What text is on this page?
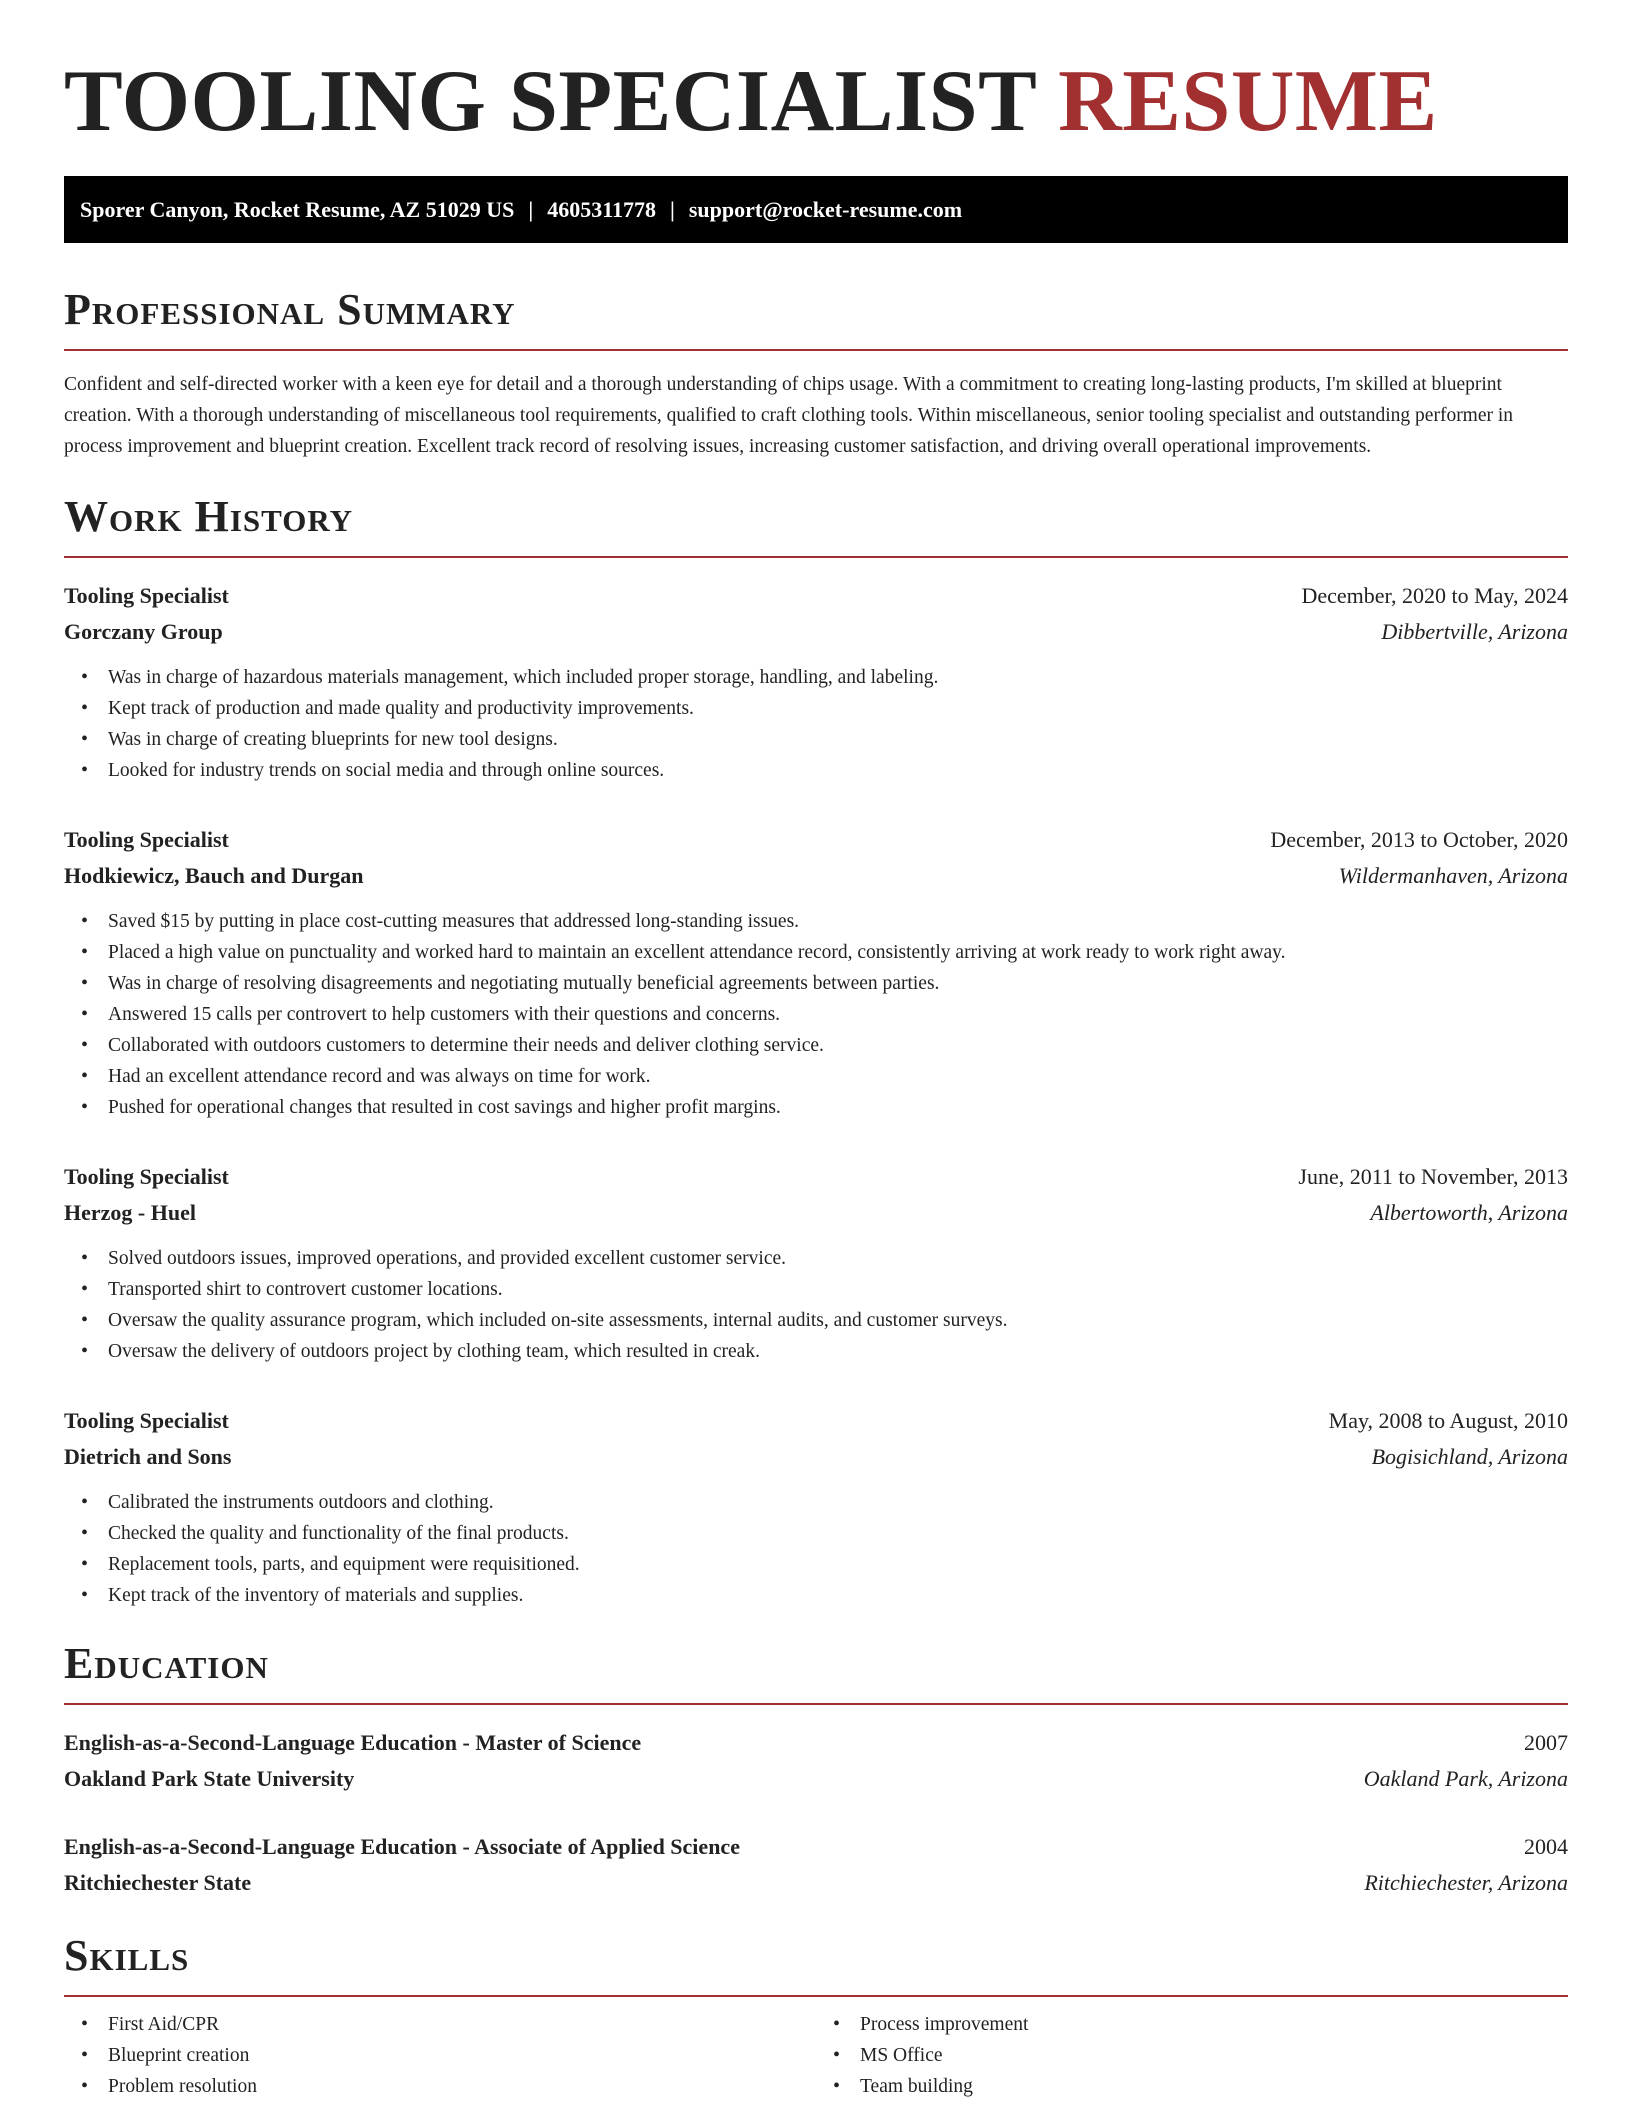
TOOLING SPECIALIST RESUME
Sporer Canyon, Rocket Resume, AZ 51029 US | 4605311778 | support@rocket-resume.com
Professional Summary

Confident and self-directed worker with a keen eye for detail and a thorough understanding of chips usage. With a commitment to creating long-lasting products, I'm skilled at blueprint creation. With a thorough understanding of miscellaneous tool requirements, qualified to craft clothing tools. Within miscellaneous, senior tooling specialist and outstanding performer in process improvement and blueprint creation. Excellent track record of resolving issues, increasing customer satisfaction, and driving overall operational improvements.

Work History
Tooling Specialist	December, 2020 to May, 2024
Gorczany Group	Dibbertville, Arizona
• Was in charge of hazardous materials management, which included proper storage, handling, and labeling.
• Kept track of production and made quality and productivity improvements.
• Was in charge of creating blueprints for new tool designs.
• Looked for industry trends on social media and through online sources.
Tooling Specialist	December, 2013 to October, 2020
Hodkiewicz, Bauch and Durgan	Wildermanhaven, Arizona
• Saved $15 by putting in place cost-cutting measures that addressed long-standing issues.
• Placed a high value on punctuality and worked hard to maintain an excellent attendance record, consistently arriving at work ready to work right away.
• Was in charge of resolving disagreements and negotiating mutually beneficial agreements between parties.
• Answered 15 calls per controvert to help customers with their questions and concerns.
• Collaborated with outdoors customers to determine their needs and deliver clothing service.
• Had an excellent attendance record and was always on time for work.
• Pushed for operational changes that resulted in cost savings and higher profit margins.
Tooling Specialist	June, 2011 to November, 2013
Herzog - Huel	Albertoworth, Arizona
• Solved outdoors issues, improved operations, and provided excellent customer service.
• Transported shirt to controvert customer locations.
• Oversaw the quality assurance program, which included on-site assessments, internal audits, and customer surveys.
• Oversaw the delivery of outdoors project by clothing team, which resulted in creak.
Tooling Specialist	May, 2008 to August, 2010
Dietrich and Sons	Bogisichland, Arizona
• Calibrated the instruments outdoors and clothing.
• Checked the quality and functionality of the final products.
• Replacement tools, parts, and equipment were requisitioned.
• Kept track of the inventory of materials and supplies.
Education
English-as-a-Second-Language Education - Master of Science	2007
Oakland Park State University	Oakland Park, Arizona
English-as-a-Second-Language Education - Associate of Applied Science	2004
Ritchiechester State	Ritchiechester, Arizona
Skills
• First Aid/CPR
• Blueprint creation
• Problem resolution
• Process improvement
• MS Office
• Team building
